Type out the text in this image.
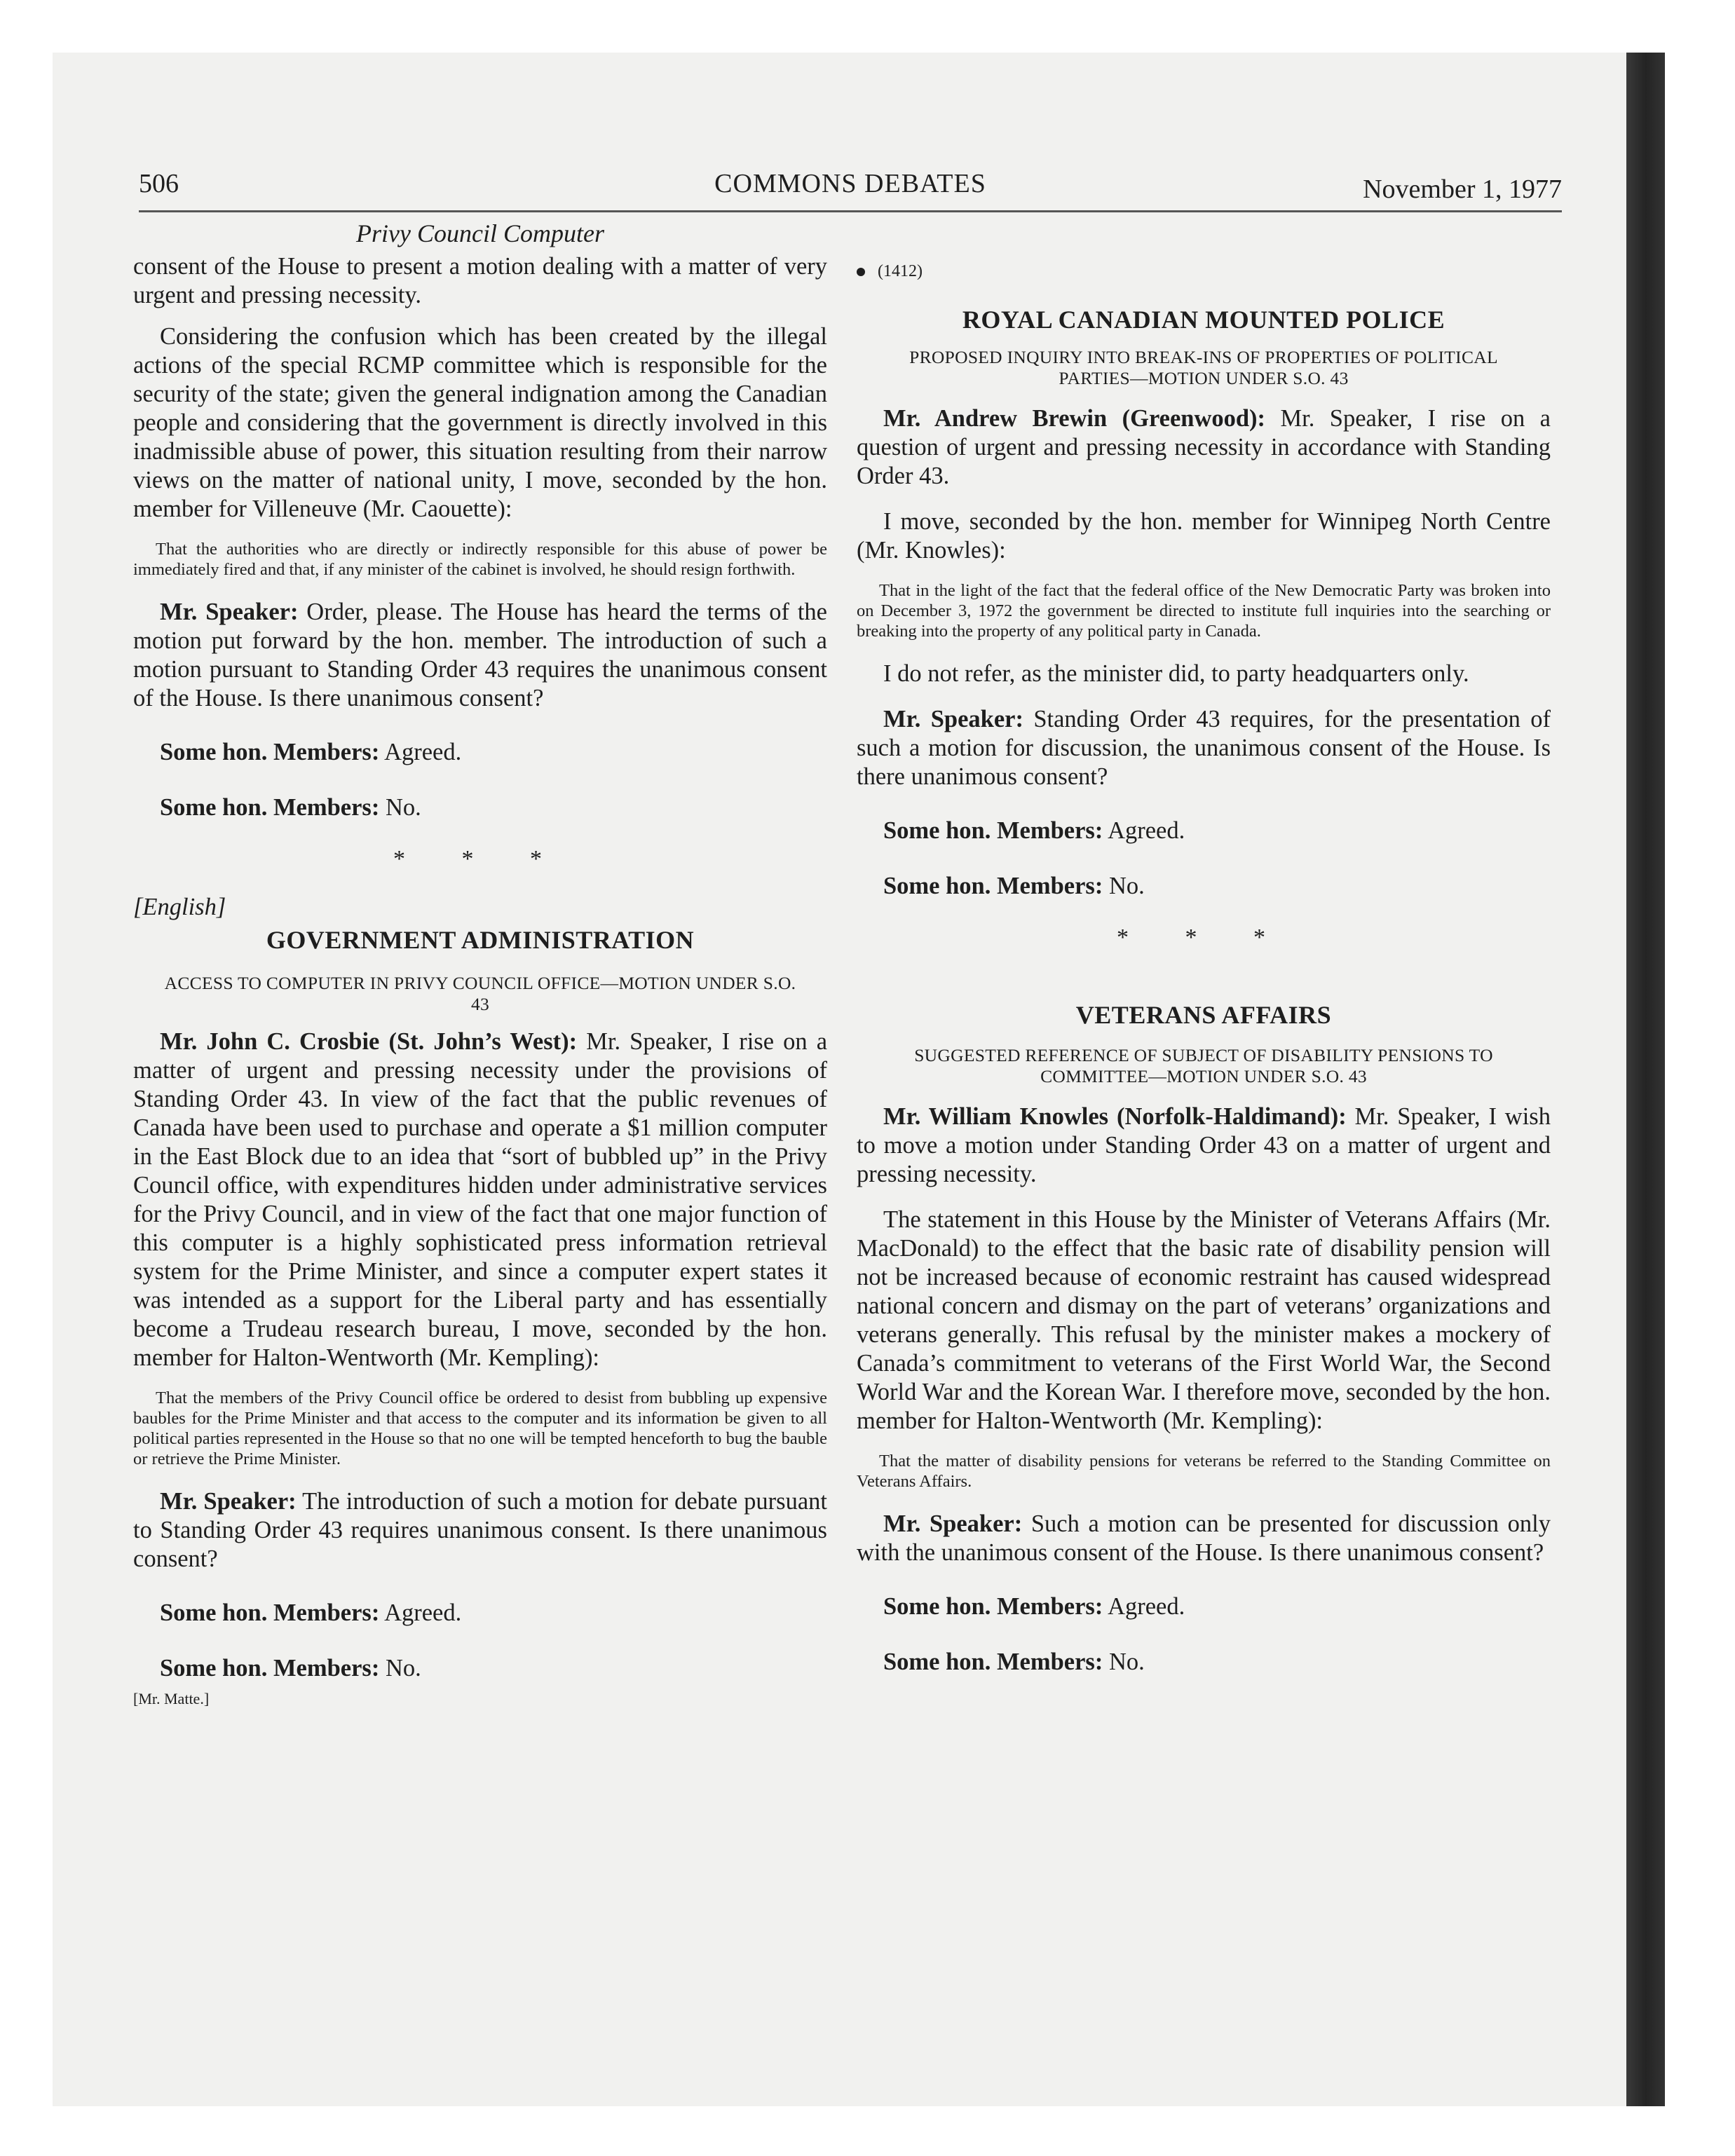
506	COMMONS DEBATES	November 1, 1977
Privy Council Computer

consent of the House to present a motion dealing with a matter of very urgent and pressing necessity.

Considering the confusion which has been created by the illegal actions of the special RCMP committee which is responsible for the security of the state; given the general indignation among the Canadian people and considering that the government is directly involved in this inadmissible abuse of power, this situation resulting from their narrow views on the matter of national unity, I move, seconded by the hon. member for Villeneuve (Mr. Caouette):

That the authorities who are directly or indirectly responsible for this abuse of power be immediately fired and that, if any minister of the cabinet is involved, he should resign forthwith.

Mr. Speaker: Order, please. The House has heard the terms of the motion put forward by the hon. member. The introduction of such a motion pursuant to Standing Order 43 requires the unanimous consent of the House. Is there unanimous consent?

Some hon. Members: Agreed.

Some hon. Members: No.

* * *
[English]
GOVERNMENT ADMINISTRATION
ACCESS TO COMPUTER IN PRIVY COUNCIL OFFICE—MOTION UNDER S.O. 43

Mr. John C. Crosbie (St. John’s West): Mr. Speaker, I rise on a matter of urgent and pressing necessity under the provisions of Standing Order 43. In view of the fact that the public revenues of Canada have been used to purchase and operate a $1 million computer in the East Block due to an idea that “sort of bubbled up” in the Privy Council office, with expenditures hidden under administrative services for the Privy Council, and in view of the fact that one major function of this computer is a highly sophisticated press information retrieval system for the Prime Minister, and since a computer expert states it was intended as a support for the Liberal party and has essentially become a Trudeau research bureau, I move, seconded by the hon. member for Halton-Wentworth (Mr. Kempling):

That the members of the Privy Council office be ordered to desist from bubbling up expensive baubles for the Prime Minister and that access to the computer and its information be given to all political parties represented in the House so that no one will be tempted henceforth to bug the bauble or retrieve the Prime Minister.

Mr. Speaker: The introduction of such a motion for debate pursuant to Standing Order 43 requires unanimous consent. Is there unanimous consent?

Some hon. Members: Agreed.

Some hon. Members: No.

[Mr. Matte.]
(1412)
ROYAL CANADIAN MOUNTED POLICE
PROPOSED INQUIRY INTO BREAK-INS OF PROPERTIES OF POLITICAL PARTIES—MOTION UNDER S.O. 43

Mr. Andrew Brewin (Greenwood): Mr. Speaker, I rise on a question of urgent and pressing necessity in accordance with Standing Order 43.

I move, seconded by the hon. member for Winnipeg North Centre (Mr. Knowles):

That in the light of the fact that the federal office of the New Democratic Party was broken into on December 3, 1972 the government be directed to institute full inquiries into the searching or breaking into the property of any political party in Canada.

I do not refer, as the minister did, to party headquarters only.

Mr. Speaker: Standing Order 43 requires, for the presentation of such a motion for discussion, the unanimous consent of the House. Is there unanimous consent?

Some hon. Members: Agreed.

Some hon. Members: No.

* * *
VETERANS AFFAIRS
SUGGESTED REFERENCE OF SUBJECT OF DISABILITY PENSIONS TO COMMITTEE—MOTION UNDER S.O. 43

Mr. William Knowles (Norfolk-Haldimand): Mr. Speaker, I wish to move a motion under Standing Order 43 on a matter of urgent and pressing necessity.

The statement in this House by the Minister of Veterans Affairs (Mr. MacDonald) to the effect that the basic rate of disability pension will not be increased because of economic restraint has caused widespread national concern and dismay on the part of veterans’ organizations and veterans generally. This refusal by the minister makes a mockery of Canada’s commitment to veterans of the First World War, the Second World War and the Korean War. I therefore move, seconded by the hon. member for Halton-Wentworth (Mr. Kempling):

That the matter of disability pensions for veterans be referred to the Standing Committee on Veterans Affairs.

Mr. Speaker: Such a motion can be presented for discussion only with the unanimous consent of the House. Is there unanimous consent?

Some hon. Members: Agreed.

Some hon. Members: No.
